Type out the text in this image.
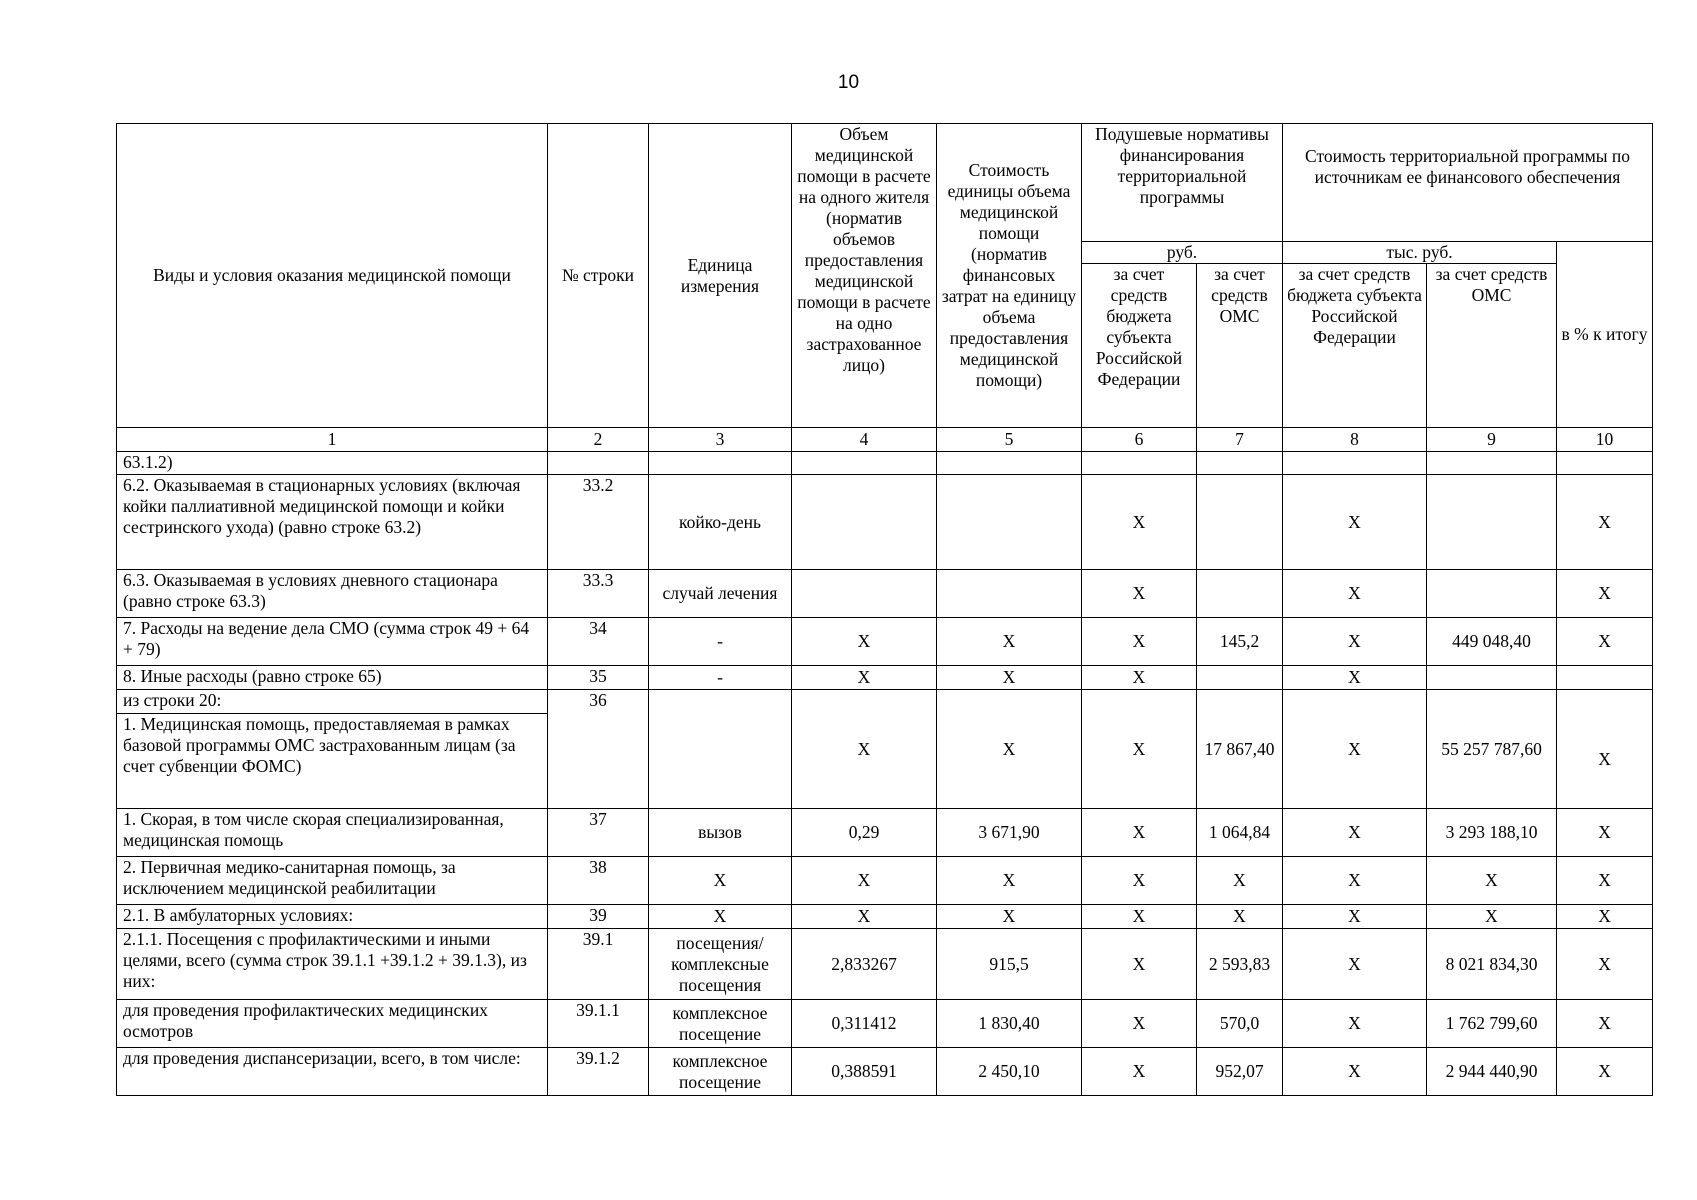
10
Виды и условия оказания медицинской помощи	№ строки	Единица измерения	Объем медицинской помощи в расчете на одного жителя (норматив объемов предоставления медицинской помощи в расчете на одно застрахованное лицо)	Стоимость единицы объема медицинской помощи (норматив финансовых затрат на единицу объема предоставления медицинской помощи)	Подушевые нормативы финансирования территориальной программы		Стоимость территориальной программы по источникам ее финансового обеспечения		
					руб.		тыс. руб.		в % к итогу
					за счет средств бюджета субъекта Российской Федерации	за счет средств ОМС	за счет средств бюджета субъекта Российской Федерации	за счет средств ОМС	
1	2	3	4	5	6	7	8	9	10
63.1.2)									
6.2. Оказываемая в стационарных условиях (включая койки паллиативной медицинской помощи и койки сестринского ухода) (равно строке 63.2)	33.2	койко-день			X		X		X
6.3. Оказываемая в условиях дневного стационара (равно строке 63.3)	33.3	случай лечения			X		X		X
7. Расходы на ведение дела СМО (сумма строк 49 + 64 + 79)	34	-	X	X	X	145,2	X	449 048,40	X
8. Иные расходы (равно строке 65)	35	-	X	X	X		X		
из строки 20:	36		X	X	X	17 867,40	X	55 257 787,60	X
1. Медицинская помощь, предоставляемая в рамках базовой программы ОМС застрахованным лицам (за счет субвенции ФОМС)									
1. Скорая, в том числе скорая специализированная, медицинская помощь	37	вызов	0,29	3 671,90	X	1 064,84	X	3 293 188,10	X
2. Первичная медико-санитарная помощь, за исключением медицинской реабилитации	38	X	X	X	X	X	X	X	X
2.1. В амбулаторных условиях:	39	X	X	X	X	X	X	X	X
2.1.1. Посещения с профилактическими и иными целями, всего (сумма строк 39.1.1 +39.1.2 + 39.1.3), из них:	39.1	посещения/комплексные посещения	2,833267	915,5	X	2 593,83	X	8 021 834,30	X
для проведения профилактических медицинских осмотров	39.1.1	комплексное посещение	0,311412	1 830,40	X	570,0	X	1 762 799,60	X
для проведения диспансеризации, всего, в том числе:	39.1.2	комплексное посещение	0,388591	2 450,10	X	952,07	X	2 944 440,90	X
